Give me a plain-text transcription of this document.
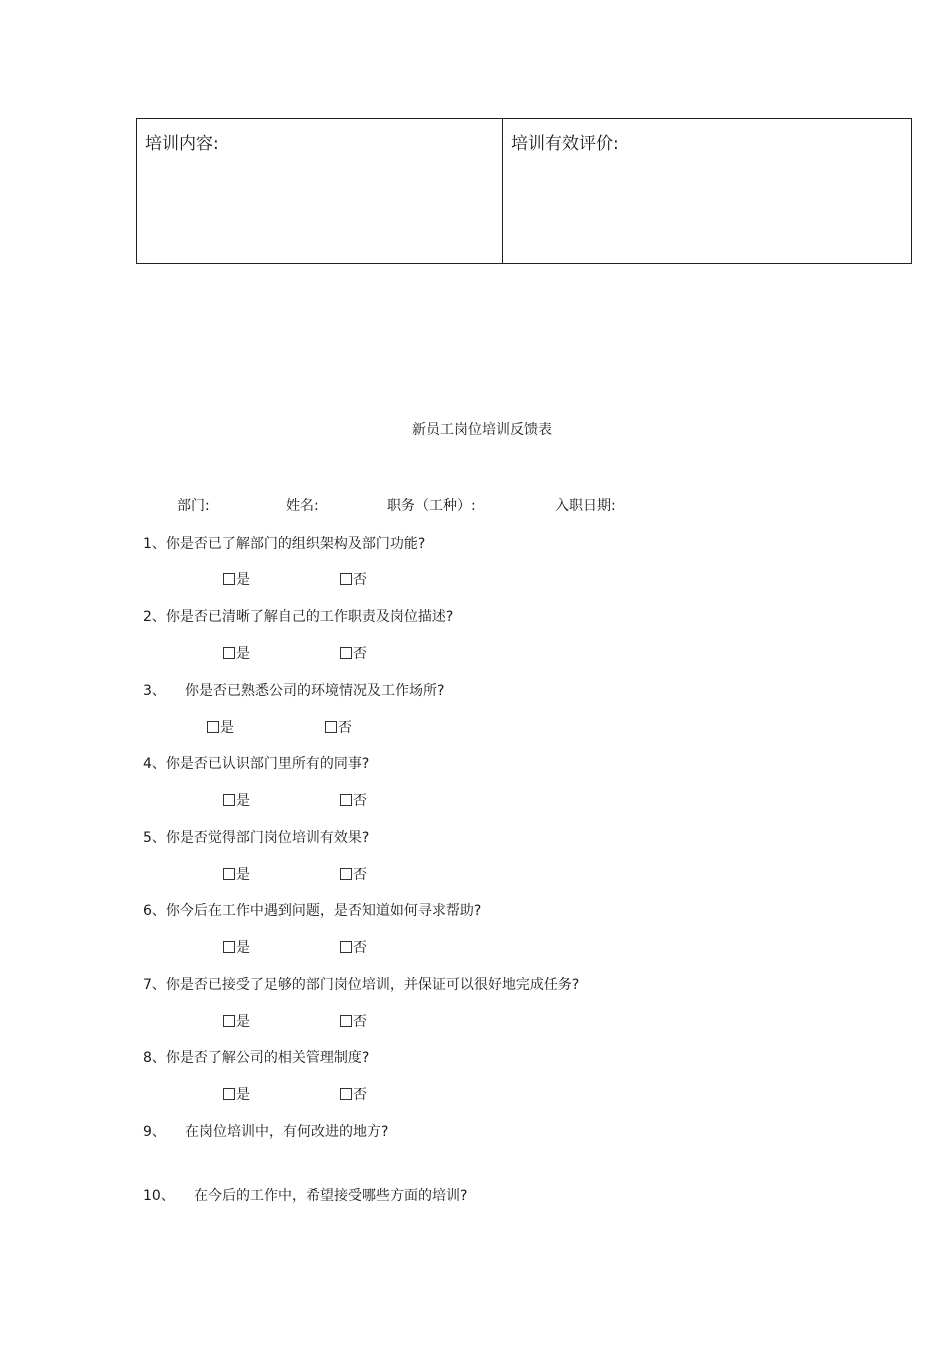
培训内容:	培训有效评价:
新员工岗位培训反馈表
部门:	姓名:	职务（工种）:	入职日期:
1、你是否已了解部门的组织架构及部门功能?
是	否
2、你是否已清晰了解自己的工作职责及岗位描述?
是	否
3、 你是否已熟悉公司的环境情况及工作场所?
是	否
4、你是否已认识部门里所有的同事?
是	否
5、你是否觉得部门岗位培训有效果?
是	否
6、你今后在工作中遇到问题，是否知道如何寻求帮助?
是	否
7、你是否已接受了足够的部门岗位培训，并保证可以很好地完成任务?
是	否
8、你是否了解公司的相关管理制度?
是	否
9、 在岗位培训中，有何改进的地方?
10、 在今后的工作中，希望接受哪些方面的培训?
